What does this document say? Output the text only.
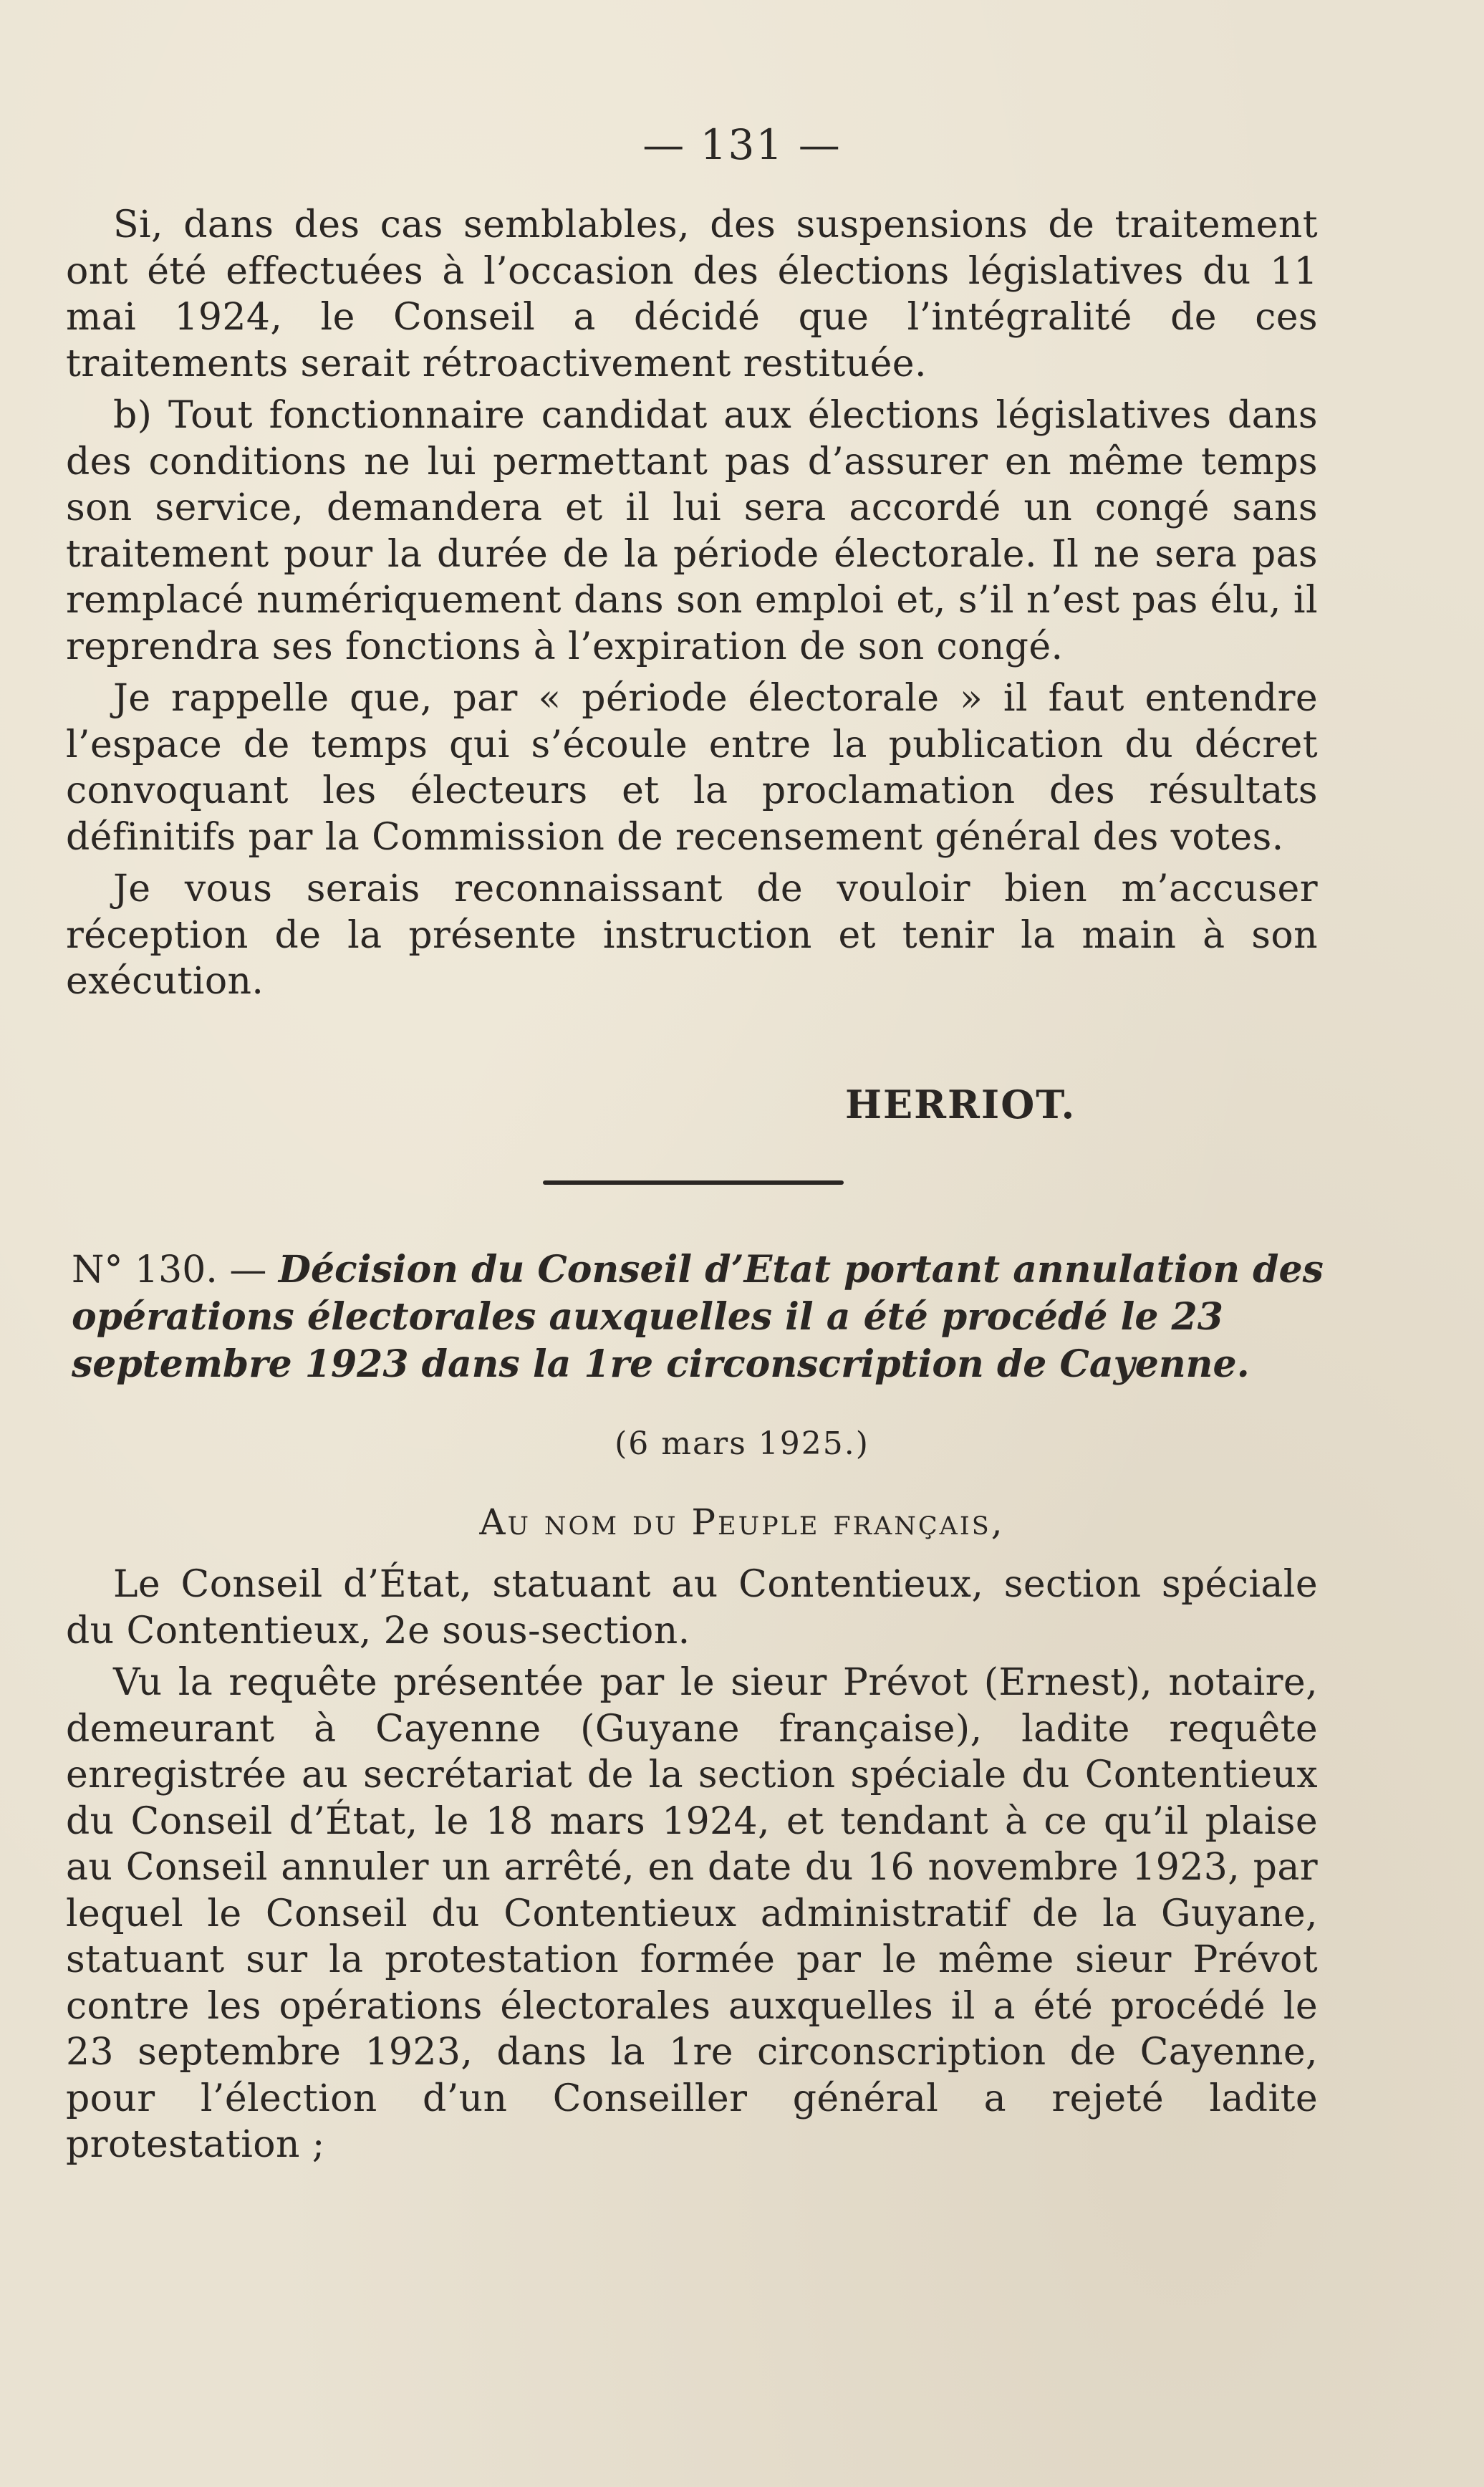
— 131 —

Si, dans des cas semblables, des suspensions de traitement ont été effectuées à l’occasion des élections législatives du 11 mai 1924, le Conseil a décidé que l’intégralité de ces traitements serait rétroactivement restituée.

b) Tout fonctionnaire candidat aux élections législatives dans des conditions ne lui permettant pas d’assurer en même temps son service, demandera et il lui sera accordé un congé sans traitement pour la durée de la période électorale. Il ne sera pas remplacé numériquement dans son emploi et, s’il n’est pas élu, il reprendra ses fonctions à l’expiration de son congé.

Je rappelle que, par « période électorale » il faut entendre l’espace de temps qui s’écoule entre la publication du décret convoquant les électeurs et la proclamation des résultats définitifs par la Commission de recensement général des votes.

Je vous serais reconnaissant de vouloir bien m’accuser réception de la présente instruction et tenir la main à son exécution.

HERRIOT.
N° 130. — Décision du Conseil d’Etat portant annulation des opérations électorales auxquelles il a été procédé le 23 septembre 1923 dans la 1re circonscription de Cayenne.
(6 mars 1925.)
Au nom du Peuple français,

Le Conseil d’État, statuant au Contentieux, section spéciale du Contentieux, 2e sous-section.

Vu la requête présentée par le sieur Prévot (Ernest), notaire, demeurant à Cayenne (Guyane française), ladite requête enregistrée au secrétariat de la section spéciale du Contentieux du Conseil d’État, le 18 mars 1924, et tendant à ce qu’il plaise au Conseil annuler un arrêté, en date du 16 novembre 1923, par lequel le Conseil du Contentieux administratif de la Guyane, statuant sur la protestation formée par le même sieur Prévot contre les opérations électorales auxquelles il a été procédé le 23 septembre 1923, dans la 1re circonscription de Cayenne, pour l’élection d’un Conseiller général a rejeté ladite protestation ;
